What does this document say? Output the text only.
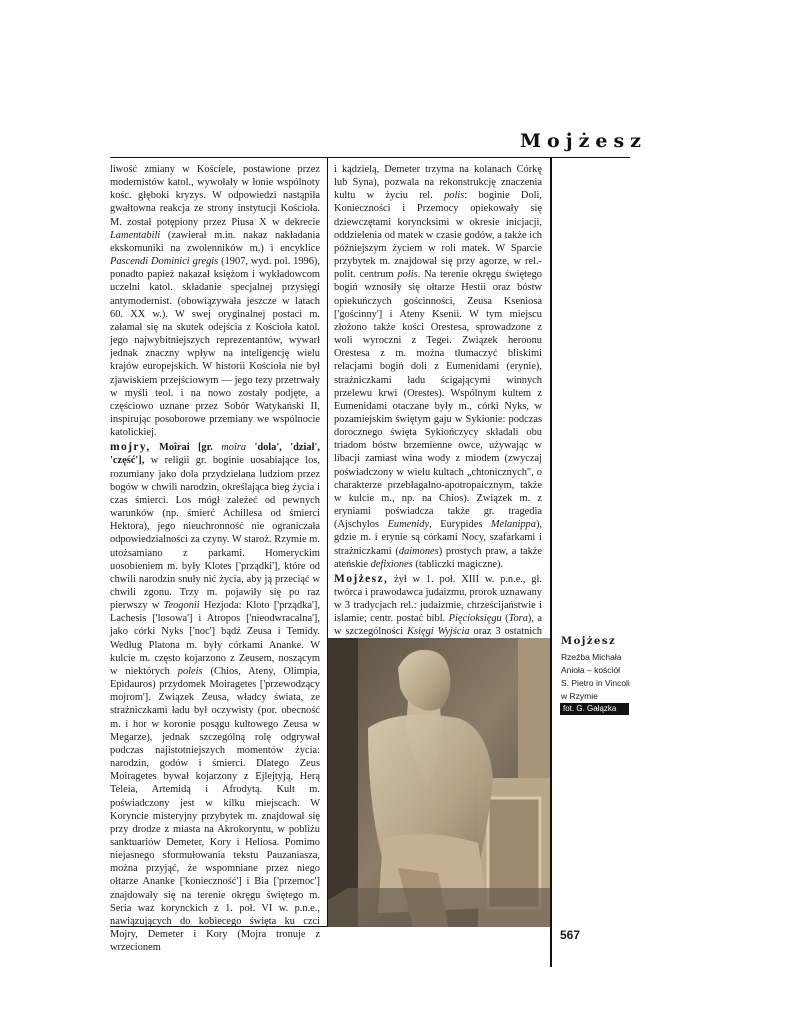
Mojżesz

liwość zmiany w Kościele, postawione przez modernistów katol., wywołały w łonie wspólnoty kośc. głęboki kryzys. W odpowiedzi nastąpiła gwałtowna reakcja ze strony instytucji Kościoła. M. został potępiony przez Piusa X w dekrecie Lamentabili (zawierał m.in. nakaz nakładania ekskomuniki na zwolenników m.) i encyklice Pascendi Dominici gregis (1907, wyd. pol. 1996), ponadto papież nakazał księżom i wykładowcom uczelni katol. składanie specjalnej przysięgi antymodernist. (obowiązywała jeszcze w latach 60. XX w.). W swej oryginalnej postaci m. załamał się na skutek odejścia z Kościoła katol. jego najwybitniejszych reprezentantów, wywarł jednak znaczny wpływ na inteligencję wielu krajów europejskich. W historii Kościoła nie był zjawiskiem przejściowym — jego tezy przetrwały w myśli teol. i na nowo zostały podjęte, a częściowo uznane przez Sobór Watykański II, inspirując posoborowe przemiany we wspólnocie katolickiej.

mojry, Moîrai [gr. moîra 'dola', 'dział', 'część'], w religii gr. boginie uosabiające los, rozumiany jako dola przydzielana ludziom przez bogów w chwili narodzin, określająca bieg życia i czas śmierci. Los mógł zależeć od pewnych warunków (np. śmierć Achillesa od śmierci Hektora), jego nieuchronność nie ograniczała odpowiedzialności za czyny. W staroż. Rzymie m. utożsamiano z parkami. Homeryckim uosobieniem m. były Klotes ['prządki'], które od chwili narodzin snuły nić życia, aby ją przeciąć w chwili zgonu. Trzy m. pojawiły się po raz pierwszy w Teogonii Hezjoda: Kloto ['prządka'], Lachesis ['losowa'] i Atropos ['nieodwracalna'], jako córki Nyks ['noc'] bądź Zeusa i Temidy. Według Platona m. były córkami Ananke. W kulcie m. często kojarzono z Zeusem, noszącym w niektórych poleis (Chios, Ateny, Olimpia, Epidauros) przydomek Moiragetes ['przewodzący mojrom']. Związek Zeusa, władcy świata, ze strażniczkami ładu był oczywisty (por. obecność m. i hor w koronie posągu kultowego Zeusa w Megarze), jednak szczególną rolę odgrywał podczas najistotniejszych momentów życia: narodzin, godów i śmierci. Dlatego Zeus Moiragetes bywał kojarzony z Ejlejtyją, Herą Teleia, Artemidą i Afrodytą. Kult m. poświadczony jest w kilku miejscach. W Koryncie misteryjny przybytek m. znajdował się przy drodze z miasta na Akrokoryntu, w pobliżu sanktuariów Demeter, Kory i Heliosa. Pomimo niejasnego sformułowania tekstu Pauzaniasza, można przyjąć, że wspomniane przez niego ołtarze Ananke ['konieczność'] i Bia ['przemoc'] znajdowały się na terenie okręgu świętego m. Seria waz korynckich z 1. poł. VI w. p.n.e., nawiązujących do kobiecego święta ku czci Mojry, Demeter i Kory (Mojra tronuje z wrzecionem

i kądzielą, Demeter trzyma na kolanach Córkę lub Syna), pozwala na rekonstrukcję znaczenia kultu w życiu rel. polis: boginie Doli, Konieczności i Przemocy opiekowały się dziewczętami koryncksimi w okresie inicjacji, oddzielenia od matek w czasie godów, a także ich późniejszym życiem w roli matek. W Sparcie przybytek m. znajdował się przy agorze, w rel.-polit. centrum polis. Na terenie okręgu świętego bogiń wznosiły się ołtarze Hestii oraz bóstw opiekuńczych gościnności, Zeusa Kseniosa ['gościnny'] i Ateny Ksenii. W tym miejscu złożono także kości Orestesa, sprowadzone z woli wyroczni z Tegei. Związek heroonu Orestesa z m. można tłumaczyć bliskimi relacjami bogiń doli z Eumenidami (erynie), strażniczkami ładu ścigającymi winnych przelewu krwi (Orestes). Wspólnym kultem z Eumenidami otaczane były m., córki Nyks, w pozamiejskim świętym gaju w Sykionie: podczas dorocznego święta Sykiończycy składali obu triadom bóstw brzemienne owce, używając w libacji zamiast wina wody z miodem (zwyczaj poświadczony w wielu kultach „chtonicznych", o charakterze przebłagalno-apotropaicznym, także w kulcie m., np. na Chios). Związek m. z eryniami poświadcza także gr. tragedia (Ajschylos Eumenidy, Eurypides Melanippa), gdzie m. i erynie są córkami Nocy, szafarkami i strażniczkami (daimones) prostych praw, a także ateńskie defixiones (tabliczki magiczne).

Mojżesz, żył w 1. poł. XIII w. p.n.e., gł. twórca i prawodawca judaizmu, prorok uznawany w 3 tradycjach rel.: judaizmie, chrześcijaństwie i islamie; centr. postać bibl. Pięcioksięgu (Tora), a w szczególności Księgi Wyjścia oraz 3 ostatnich

Mojżesz
Rzeźba Michała
Anioła – kościół
S. Pietro in Vincoli
w Rzymie
fot. G. Gałązka
567
